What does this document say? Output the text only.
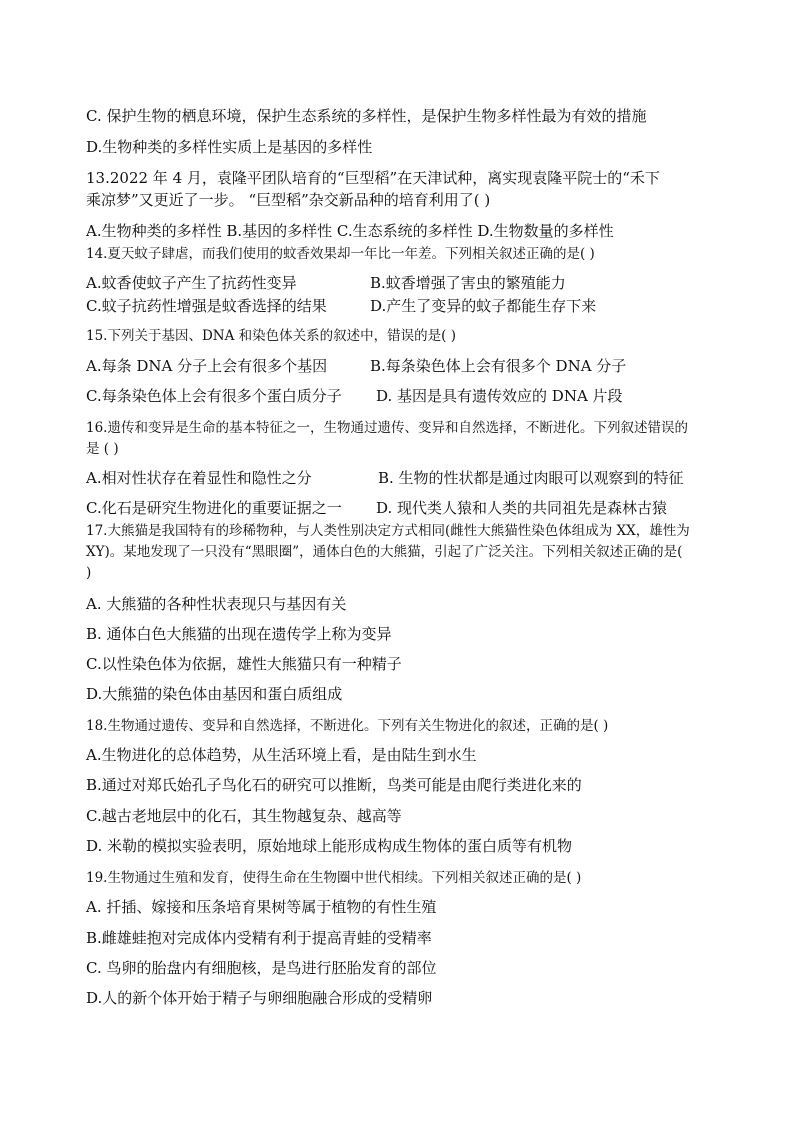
C. 保护生物的栖息环境，保护生态系统的多样性，是保护生物多样性最为有效的措施
D.生物种类的多样性实质上是基因的多样性
13.2022 年 4 月，袁隆平团队培育的“巨型稻”在天津试种，离实现袁隆平院士的“禾下
乘凉梦”又更近了一步。 “巨型稻”杂交新品种的培育利用了( )
A.生物种类的多样性 B.基因的多样性 C.生态系统的多样性 D.生物数量的多样性
14.夏天蚊子肆虐，而我们使用的蚊香效果却一年比一年差。下列相关叙述正确的是( )
A.蚊香使蚊子产生了抗药性变异	B.蚊香增强了害虫的繁殖能力
C.蚊子抗药性增强是蚊香选择的结果	D.产生了变异的蚊子都能生存下来
15.下列关于基因、DNA 和染色体关系的叙述中，错误的是( )
A.每条 DNA 分子上会有很多个基因	B.每条染色体上会有很多个 DNA 分子
C.每条染色体上会有很多个蛋白质分子 D. 基因是具有遗传效应的 DNA 片段
16.遗传和变异是生命的基本特征之一，生物通过遗传、变异和自然选择，不断进化。下列叙述错误的
是 ( )
A.相对性状存在着显性和隐性之分	B. 生物的性状都是通过肉眼可以观察到的特征
C.化石是研究生物进化的重要证据之一 D. 现代类人猿和人类的共同祖先是森林古猿
17.大熊猫是我国特有的珍稀物种，与人类性别决定方式相同(雌性大熊猫性染色体组成为 XX，雄性为
XY)。某地发现了一只没有“黑眼圈”，通体白色的大熊猫，引起了广泛关注。下列相关叙述正确的是(
)
A. 大熊猫的各种性状表现只与基因有关
B. 通体白色大熊猫的出现在遗传学上称为变异
C.以性染色体为依据，雄性大熊猫只有一种精子
D.大熊猫的染色体由基因和蛋白质组成
18.生物通过遗传、变异和自然选择，不断进化。下列有关生物进化的叙述，正确的是( )
A.生物进化的总体趋势，从生活环境上看，是由陆生到水生
B.通过对郑氏始孔子鸟化石的研究可以推断，鸟类可能是由爬行类进化来的
C.越古老地层中的化石，其生物越复杂、越高等
D. 米勒的模拟实验表明，原始地球上能形成构成生物体的蛋白质等有机物
19.生物通过生殖和发育，使得生命在生物圈中世代相续。下列相关叙述正确的是( )
A. 扦插、嫁接和压条培育果树等属于植物的有性生殖
B.雌雄蛙抱对完成体内受精有利于提高青蛙的受精率
C. 鸟卵的胎盘内有细胞核，是鸟进行胚胎发育的部位
D.人的新个体开始于精子与卵细胞融合形成的受精卵
